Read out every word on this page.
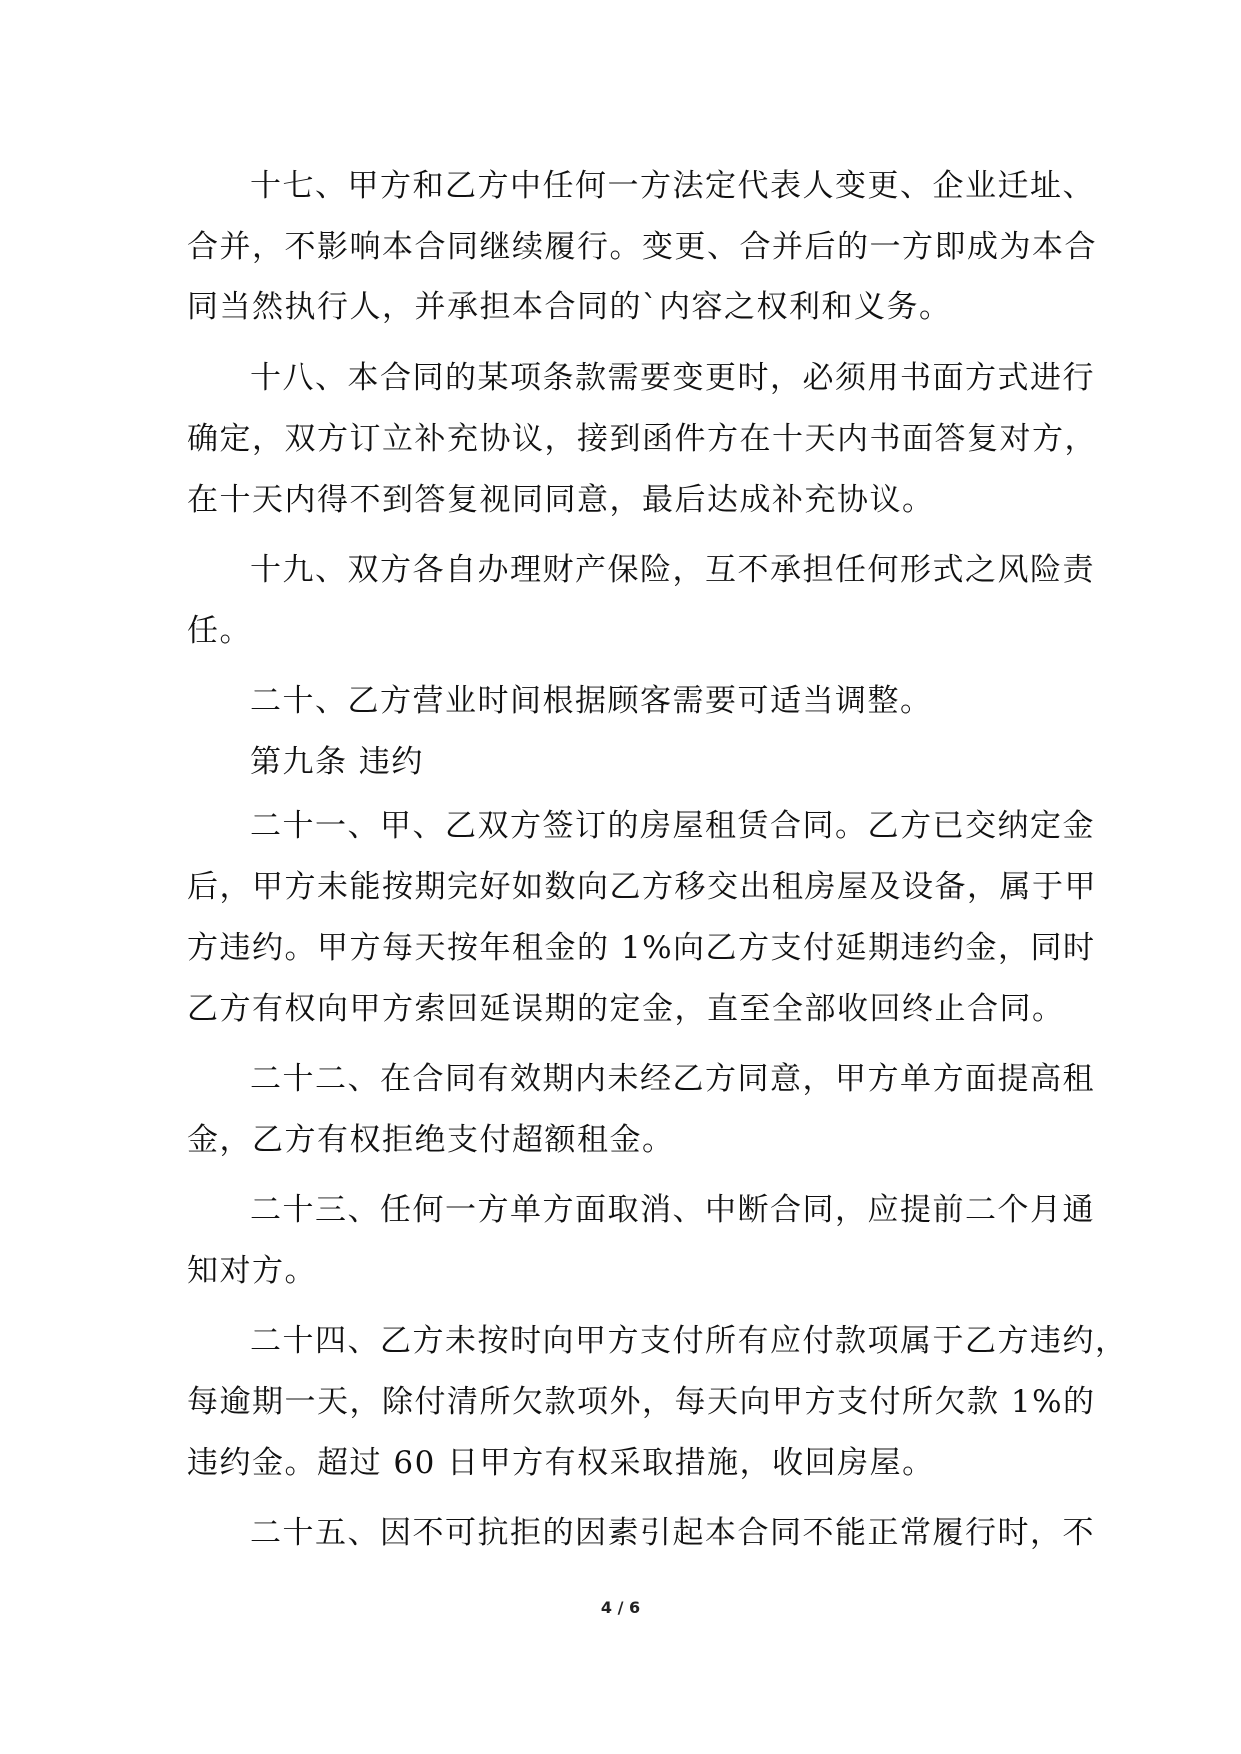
十七、甲方和乙方中任何一方法定代表人变更、企业迁址、
合并，不影响本合同继续履行。变更、合并后的一方即成为本合
同当然执行人，并承担本合同的`内容之权利和义务。
十八、本合同的某项条款需要变更时，必须用书面方式进行
确定，双方订立补充协议，接到函件方在十天内书面答复对方，
在十天内得不到答复视同同意，最后达成补充协议。
十九、双方各自办理财产保险，互不承担任何形式之风险责
任。
二十、乙方营业时间根据顾客需要可适当调整。
第九条 违约
二十一、甲、乙双方签订的房屋租赁合同。乙方已交纳定金
后，甲方未能按期完好如数向乙方移交出租房屋及设备，属于甲
方违约。甲方每天按年租金的 1%向乙方支付延期违约金，同时
乙方有权向甲方索回延误期的定金，直至全部收回终止合同。
二十二、在合同有效期内未经乙方同意，甲方单方面提高租
金，乙方有权拒绝支付超额租金。
二十三、任何一方单方面取消、中断合同，应提前二个月通
知对方。
二十四、乙方未按时向甲方支付所有应付款项属于乙方违约，
每逾期一天，除付清所欠款项外，每天向甲方支付所欠款 1%的
违约金。超过 60 日甲方有权采取措施，收回房屋。
二十五、因不可抗拒的因素引起本合同不能正常履行时，不
4 / 6
